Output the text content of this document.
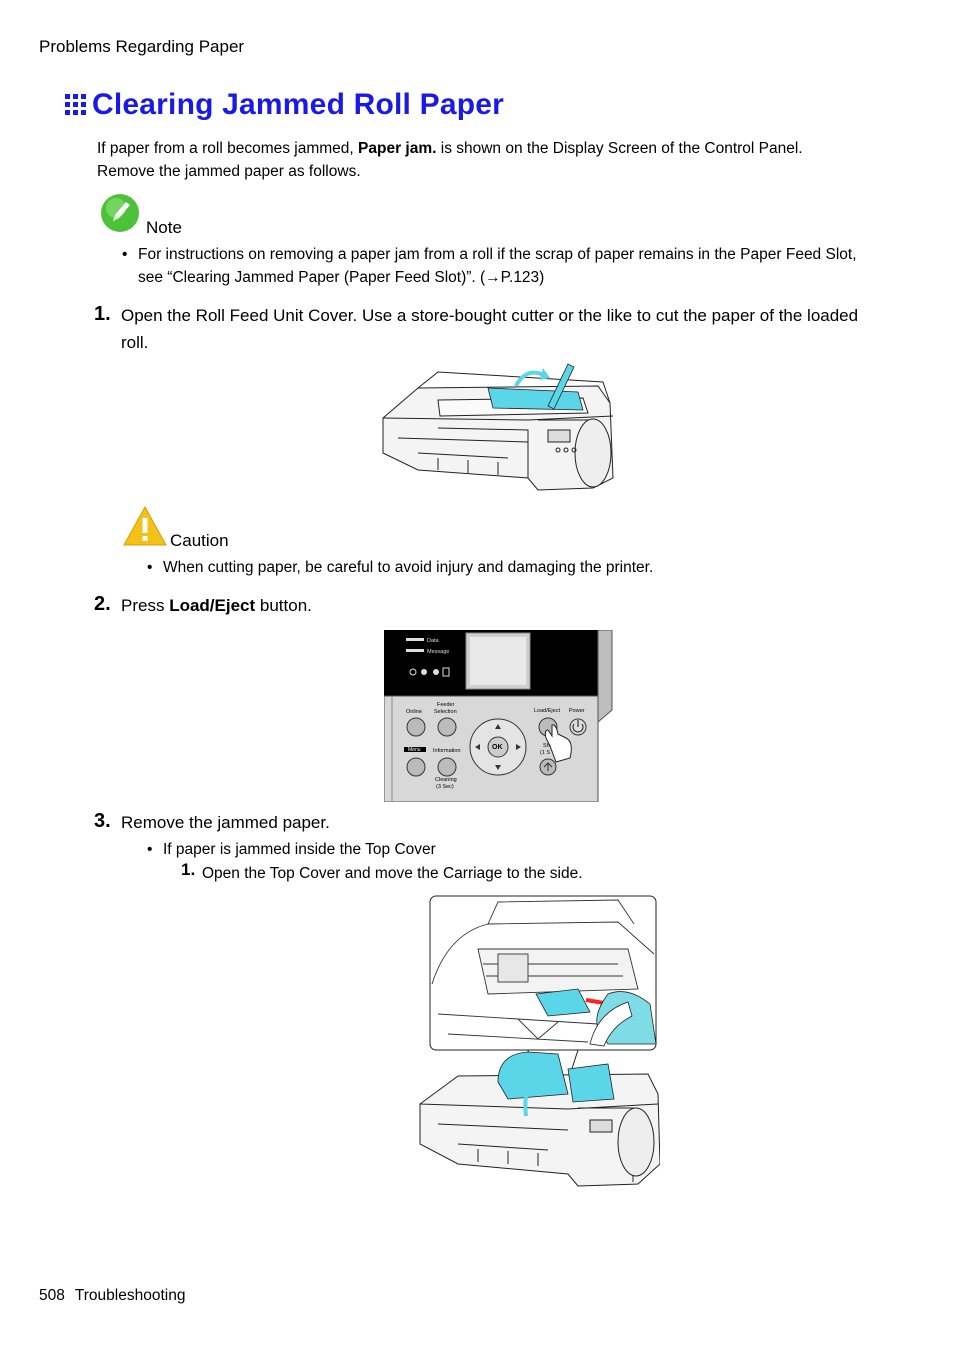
Problems Regarding Paper
Clearing Jammed Roll Paper
If paper from a roll becomes jammed, Paper jam. is shown on the Display Screen of the Control Panel.
Remove the jammed paper as follows.
Note
• For instructions on removing a paper jam from a roll if the scrap of paper remains in the Paper Feed Slot, see “Clearing Jammed Paper (Paper Feed Slot)”. (→P.123)
1. Open the Roll Feed Unit Cover. Use a store-bought cutter or the like to cut the paper of the loaded roll.
Caution
• When cutting paper, be careful to avoid injury and damaging the printer.
2. Press Load/Eject button.
Data
Message
Online
Feeder
Selection	Load/Eject Power
Menu Information
Cleaning
(3 Sec)
OK	Sh
(1 S
3. Remove the jammed paper.
• If paper is jammed inside the Top Cover
1. Open the Top Cover and move the Carriage to the side.
508 Troubleshooting
